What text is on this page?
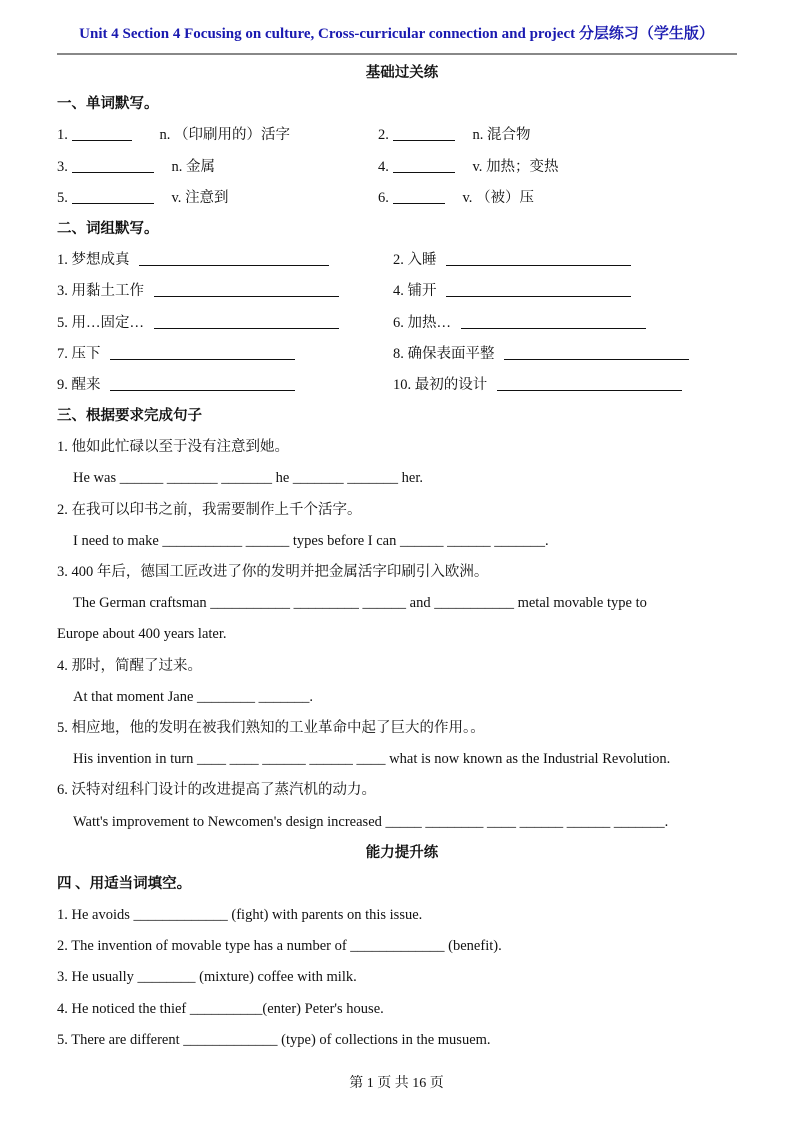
Unit 4 Section 4 Focusing on culture, Cross-curricular connection and project 分层练习（学生版）
基础过关练
一、单词默写。
1.	n. （印刷用的）活字	2.	n. 混合物
3.	n. 金属	4.	v. 加热；变热
5.	v. 注意到	6.	v. （被）压
二、词组默写。
1. 梦想成真	2. 入睡
3. 用黏土工作	4. 铺开
5. 用…固定…	6. 加热…
7. 压下	8. 确保表面平整
9. 醒来	10. 最初的设计
三、根据要求完成句子
1. 他如此忙碌以至于没有注意到她。
He was ______ _______ _______ he _______ _______ her.
2. 在我可以印书之前，我需要制作上千个活字。
I need to make ___________ ______ types before I can ______ ______ _______.
3. 400 年后，德国工匠改进了你的发明并把金属活字印刷引入欧洲。
The German craftsman ___________ _________ ______ and ___________ metal movable type to
Europe about 400 years later.
4. 那时，简醒了过来。
At that moment Jane ________ _______.
5. 相应地，他的发明在被我们熟知的工业革命中起了巨大的作用。。
His invention in turn ____ ____ ______ ______ ____ what is now known as the Industrial Revolution.
6. 沃特对纽科门设计的改进提高了蒸汽机的动力。
Watt's improvement to Newcomen's design increased _____ ________ ____ ______ ______ _______.
能力提升练
四 、用适当词填空。
1. He avoids _____________ (fight) with parents on this issue.
2. The invention of movable type has a number of _____________ (benefit).
3. He usually ________ (mixture) coffee with milk.
4. He noticed the thief __________(enter) Peter's house.
5. There are different _____________ (type) of collections in the musuem.
第 1 页 共 16 页
